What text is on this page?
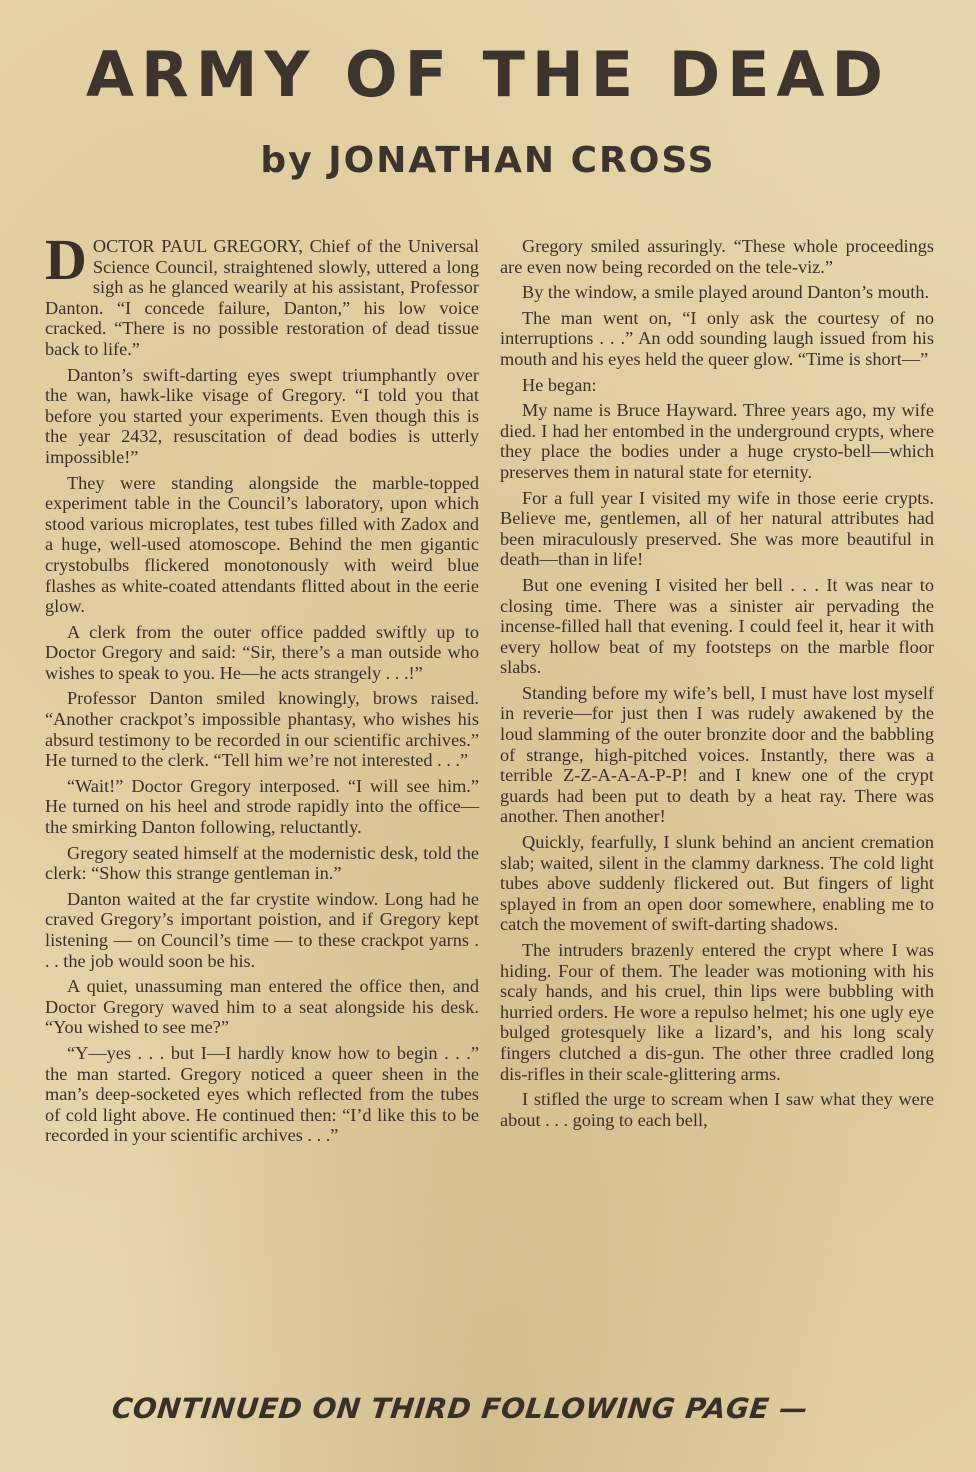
ARMY OF THE DEAD
by JONATHAN CROSS

DOCTOR PAUL GREGORY, Chief of the Universal Science Council, straightened slowly, uttered a long sigh as he glanced wearily at his assistant, Professor Danton. “I concede failure, Danton,” his low voice cracked. “There is no possible restoration of dead tissue back to life.”

Danton’s swift-darting eyes swept triumphantly over the wan, hawk-like visage of Gregory. “I told you that before you started your experiments. Even though this is the year 2432, resuscitation of dead bodies is utterly impossible!”

They were standing alongside the marble-topped experiment table in the Council’s laboratory, upon which stood various microplates, test tubes filled with Zadox and a huge, well-used atomoscope. Behind the men gigantic crystobulbs flickered monotonously with weird blue flashes as white-coated attendants flitted about in the eerie glow.

A clerk from the outer office padded swiftly up to Doctor Gregory and said: “Sir, there’s a man outside who wishes to speak to you. He—he acts strangely . . .!”

Professor Danton smiled knowingly, brows raised. “Another crackpot’s impossible phantasy, who wishes his absurd testimony to be recorded in our scientific archives.” He turned to the clerk. “Tell him we’re not interested . . .”

“Wait!” Doctor Gregory interposed. “I will see him.” He turned on his heel and strode rapidly into the office—the smirking Danton following, reluctantly.

Gregory seated himself at the modernistic desk, told the clerk: “Show this strange gentleman in.”

Danton waited at the far crystite window. Long had he craved Gregory’s important poistion, and if Gregory kept listening — on Council’s time — to these crackpot yarns . . . the job would soon be his.

A quiet, unassuming man entered the office then, and Doctor Gregory waved him to a seat alongside his desk. “You wished to see me?”

“Y—yes . . . but I—I hardly know how to begin . . .” the man started. Gregory noticed a queer sheen in the man’s deep-socketed eyes which reflected from the tubes of cold light above. He continued then: “I’d like this to be recorded in your scientific archives . . .”

Gregory smiled assuringly. “These whole proceedings are even now being recorded on the tele-viz.”

By the window, a smile played around Danton’s mouth.

The man went on, “I only ask the courtesy of no interruptions . . .” An odd sounding laugh issued from his mouth and his eyes held the queer glow. “Time is short—”

He began:

My name is Bruce Hayward. Three years ago, my wife died. I had her entombed in the underground crypts, where they place the bodies under a huge crysto-bell—which preserves them in natural state for eternity.

For a full year I visited my wife in those eerie crypts. Believe me, gentlemen, all of her natural attributes had been miraculously preserved. She was more beautiful in death—than in life!

But one evening I visited her bell . . . It was near to closing time. There was a sinister air pervading the incense-filled hall that evening. I could feel it, hear it with every hollow beat of my footsteps on the marble floor slabs.

Standing before my wife’s bell, I must have lost myself in reverie—for just then I was rudely awakened by the loud slamming of the outer bronzite door and the babbling of strange, high-pitched voices. Instantly, there was a terrible Z-Z-A-A-A-P-P! and I knew one of the crypt guards had been put to death by a heat ray. There was another. Then another!

Quickly, fearfully, I slunk behind an ancient cremation slab; waited, silent in the clammy darkness. The cold light tubes above suddenly flickered out. But fingers of light splayed in from an open door somewhere, enabling me to catch the movement of swift-darting shadows.

The intruders brazenly entered the crypt where I was hiding. Four of them. The leader was motioning with his scaly hands, and his cruel, thin lips were bubbling with hurried orders. He wore a repulso helmet; his one ugly eye bulged grotesquely like a lizard’s, and his long scaly fingers clutched a dis-gun. The other three cradled long dis-rifles in their scale-glittering arms.

I stifled the urge to scream when I saw what they were about . . . going to each bell,

CONTINUED ON THIRD FOLLOWING PAGE —
